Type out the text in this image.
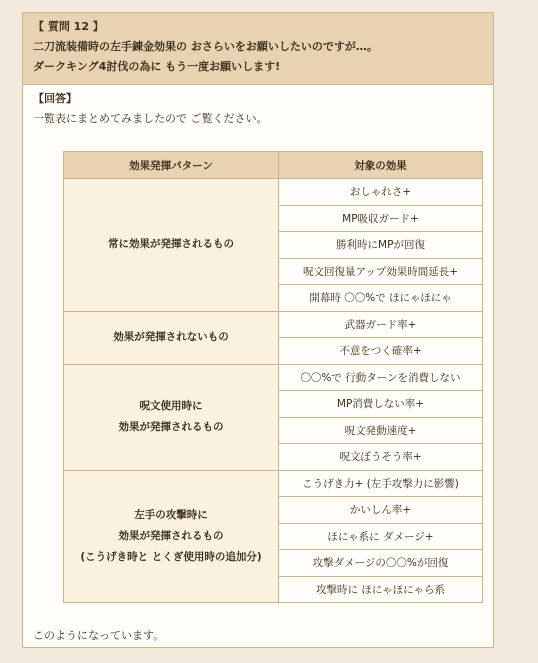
【 質問 12 】
二刀流装備時の左手錬金効果の おさらいをお願いしたいのですが…。
ダークキング4討伐の為に もう一度お願いします!
【回答】
一覧表にまとめてみましたので ご覧ください。
効果発揮パターン	対象の効果

常に効果が発揮されるもの	おしゃれさ+
	MP吸収ガード+
	勝利時にMPが回復
	呪文回復量アップ効果時間延長+
	開幕時 〇〇%で ほにゃほにゃ

効果が発揮されないもの	武器ガード率+
	不意をつく確率+

呪文使用時に
効果が発揮されるもの	〇〇%で 行動ターンを消費しない
	MP消費しない率+
	呪文発動速度+
	呪文ぼうそう率+

左手の攻撃時に
効果が発揮されるもの
(こうげき時と とくぎ使用時の追加分)	こうげき力+ (左手攻撃力に影響)
	かいしん率+
	ほにゃ系に ダメージ+
	攻撃ダメージの〇〇%が回復
	攻撃時に ほにゃほにゃら系
このようになっています。
